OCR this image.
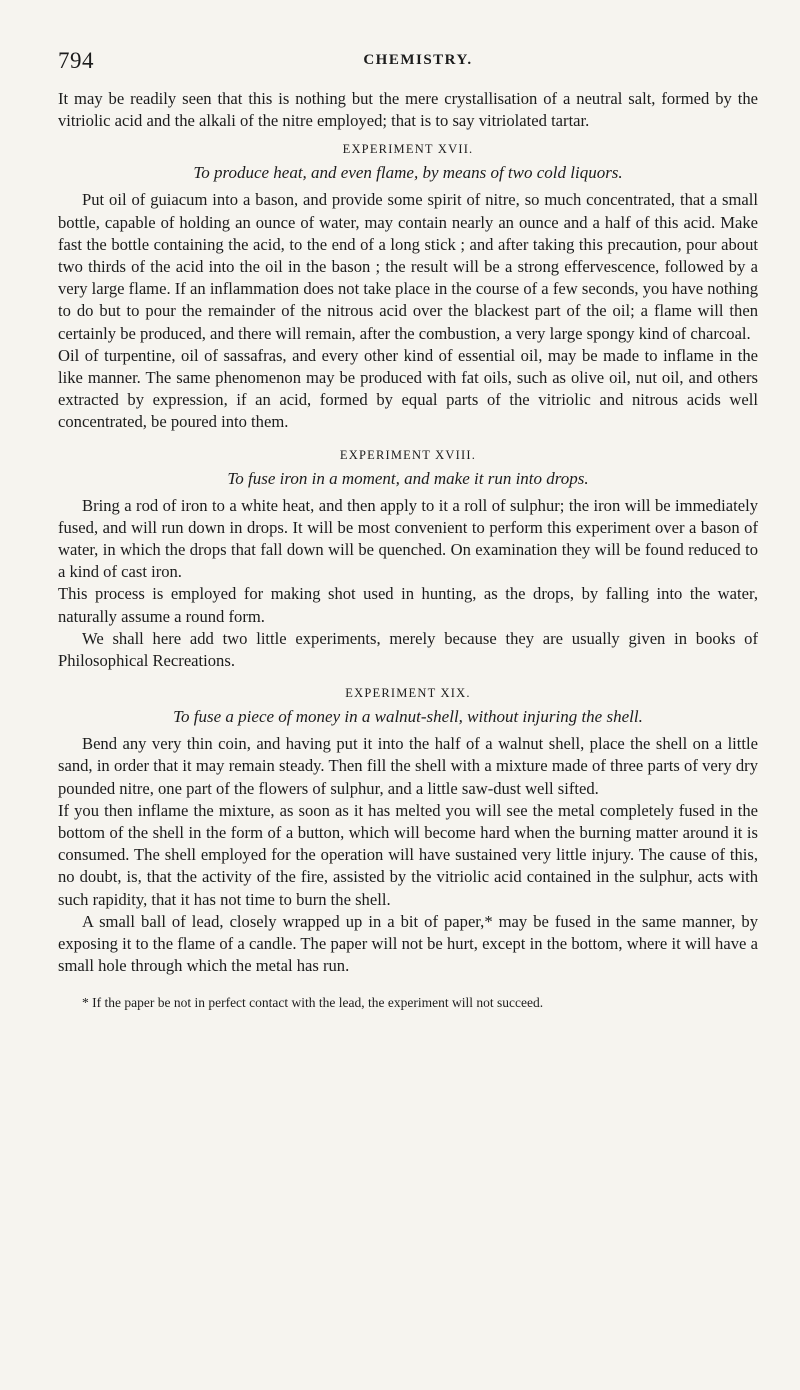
794	CHEMISTRY.

It may be readily seen that this is nothing but the mere crystallisation of a neutral salt, formed by the vitriolic acid and the alkali of the nitre employed; that is to say vitriolated tartar.

EXPERIMENT XVII.
To produce heat, and even flame, by means of two cold liquors.

Put oil of guiacum into a bason, and provide some spirit of nitre, so much concentrated, that a small bottle, capable of holding an ounce of water, may contain nearly an ounce and a half of this acid. Make fast the bottle containing the acid, to the end of a long stick ; and after taking this precaution, pour about two thirds of the acid into the oil in the bason ; the result will be a strong effervescence, followed by a very large flame. If an inflammation does not take place in the course of a few seconds, you have nothing to do but to pour the remainder of the nitrous acid over the blackest part of the oil; a flame will then certainly be produced, and there will remain, after the combustion, a very large spongy kind of charcoal.

Oil of turpentine, oil of sassafras, and every other kind of essential oil, may be made to inflame in the like manner. The same phenomenon may be produced with fat oils, such as olive oil, nut oil, and others extracted by expression, if an acid, formed by equal parts of the vitriolic and nitrous acids well concentrated, be poured into them.

EXPERIMENT XVIII.
To fuse iron in a moment, and make it run into drops.

Bring a rod of iron to a white heat, and then apply to it a roll of sulphur; the iron will be immediately fused, and will run down in drops. It will be most convenient to perform this experiment over a bason of water, in which the drops that fall down will be quenched. On examination they will be found reduced to a kind of cast iron.

This process is employed for making shot used in hunting, as the drops, by falling into the water, naturally assume a round form.

We shall here add two little experiments, merely because they are usually given in books of Philosophical Recreations.

EXPERIMENT XIX.
To fuse a piece of money in a walnut-shell, without injuring the shell.

Bend any very thin coin, and having put it into the half of a walnut shell, place the shell on a little sand, in order that it may remain steady. Then fill the shell with a mixture made of three parts of very dry pounded nitre, one part of the flowers of sulphur, and a little saw-dust well sifted.

If you then inflame the mixture, as soon as it has melted you will see the metal completely fused in the bottom of the shell in the form of a button, which will become hard when the burning matter around it is consumed. The shell employed for the operation will have sustained very little injury. The cause of this, no doubt, is, that the activity of the fire, assisted by the vitriolic acid contained in the sulphur, acts with such rapidity, that it has not time to burn the shell.

A small ball of lead, closely wrapped up in a bit of paper,* may be fused in the same manner, by exposing it to the flame of a candle. The paper will not be hurt, except in the bottom, where it will have a small hole through which the metal has run.

* If the paper be not in perfect contact with the lead, the experiment will not succeed.
